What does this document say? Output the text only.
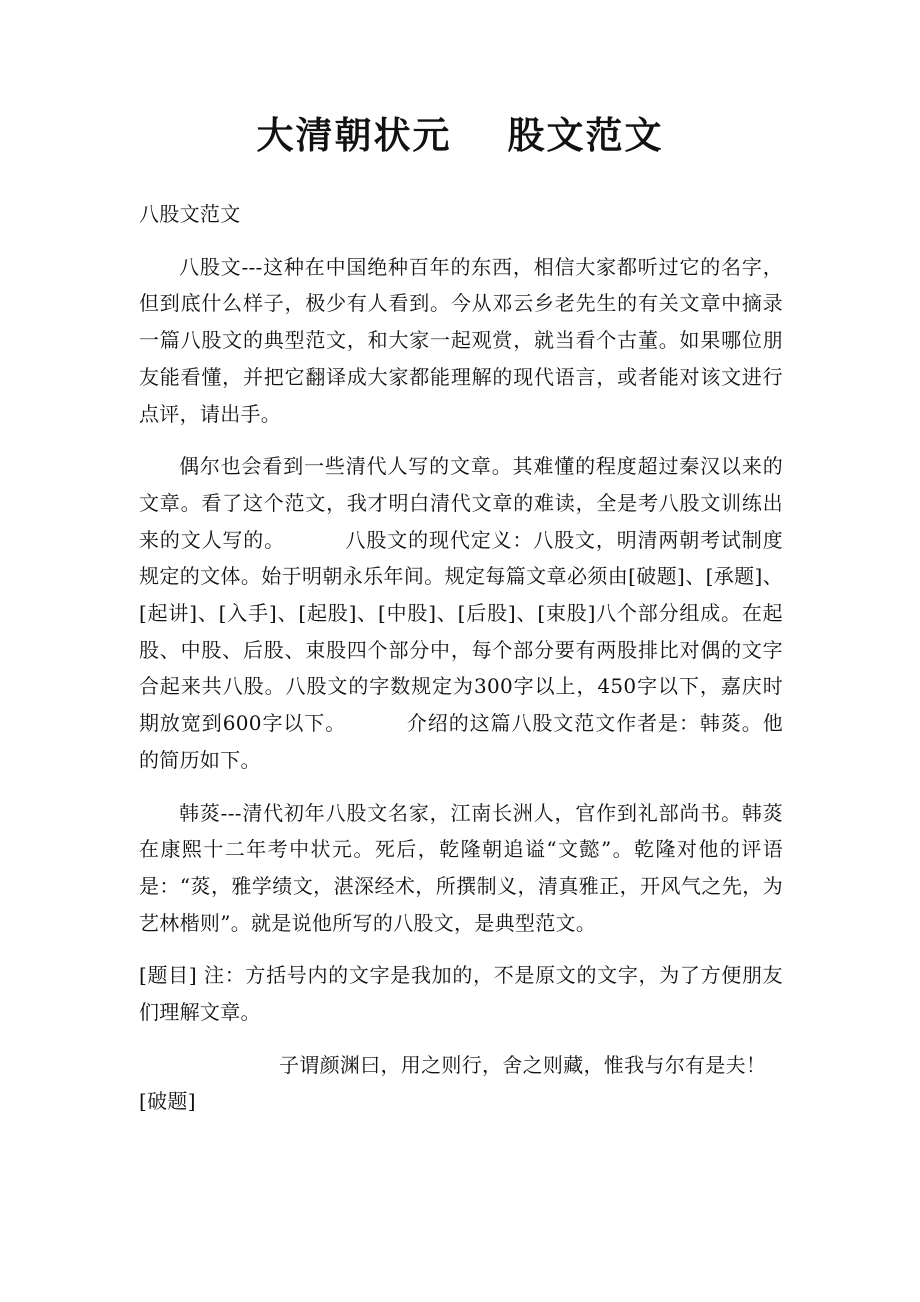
大清朝状元 股文范文

八股文范文

八股文---这种在中国绝种百年的东西，相信大家都听过它的名字，但到底什么样子，极少有人看到。今从邓云乡老先生的有关文章中摘录一篇八股文的典型范文，和大家一起观赏，就当看个古董。如果哪位朋友能看懂，并把它翻译成大家都能理解的现代语言，或者能对该文进行点评，请出手。

偶尔也会看到一些清代人写的文章。其难懂的程度超过秦汉以来的文章。看了这个范文，我才明白清代文章的难读，全是考八股文训练出来的文人写的。	八股文的现代定义：八股文，明清两朝考试制度规定的文体。始于明朝永乐年间。规定每篇文章必须由[破题]、[承题]、[起讲]、[入手]、[起股]、[中股]、[后股]、[束股]八个部分组成。在起股、中股、后股、束股四个部分中，每个部分要有两股排比对偶的文字合起来共八股。八股文的字数规定为300字以上，450字以下，嘉庆时期放宽到600字以下。	介绍的这篇八股文范文作者是：韩菼。他的简历如下。

韩菼---清代初年八股文名家，江南长洲人，官作到礼部尚书。韩菼在康熙十二年考中状元。死后，乾隆朝追谥“文懿”。乾隆对他的评语是：“菼，雅学绩文，湛深经术，所撰制义，清真雅正，开风气之先，为艺林楷则”。就是说他所写的八股文，是典型范文。

[题目] 注：方括号内的文字是我加的，不是原文的文字，为了方便朋友们理解文章。

子谓颜渊曰，用之则行，舍之则藏，惟我与尔有是夫！

[破题]
